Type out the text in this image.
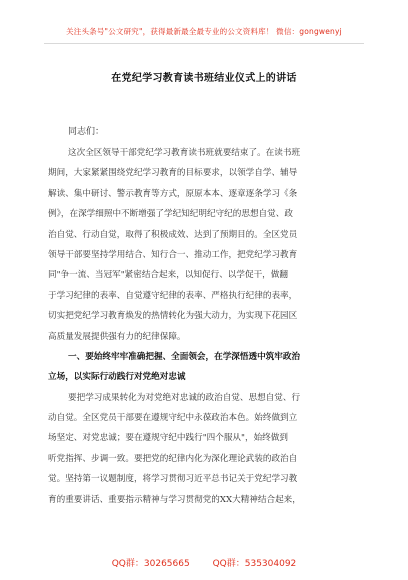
关注头条号"公文研究"，获得最新最全最专业的公文资料库！ 微信：gongwenyj
在党纪学习教育读书班结业仪式上的讲话
同志们：
这次全区领导干部党纪学习教育读书班就要结束了。在读书班
期间，大家紧紧围绕党纪学习教育的目标要求，以领学自学、辅导
解读、集中研讨、警示教育等方式，原原本本、逐章逐条学习《条
例》，在深学细照中不断增强了学纪知纪明纪守纪的思想自觉、政
治自觉、行动自觉，取得了积极成效、达到了预期目的。全区党员
领导干部要坚持学用结合、知行合一、推动工作，把党纪学习教育
同"争一流、当冠军"紧密结合起来，以知促行、以学促干，做翻
于学习纪律的表率、自觉遵守纪律的表率、严格执行纪律的表率，
切实把党纪学习教育焕发的热情转化为强大动力，为实现下花园区
高质量发展提供强有力的纪律保障。
一、要始终牢牢准确把握、全面领会，在学深悟透中筑牢政治
立场，以实际行动践行对党绝对忠诚
要把学习成果转化为对党绝对忠诚的政治自觉、思想自觉、行
动自觉。全区党员干部要在遵规守纪中永葆政治本色。始终做到立
场坚定、对党忠诚；要在遵规守纪中践行"四个服从"，始终做到
听党指挥、步调一致。要把党的纪律内化为深化理论武装的政治自
觉。坚持第一议题制度，将学习贯彻习近平总书记关于党纪学习教
育的重要讲话、重要指示精神与学习贯彻党的XX大精神结合起来，
QQ群：30265665	QQ群：535304092
